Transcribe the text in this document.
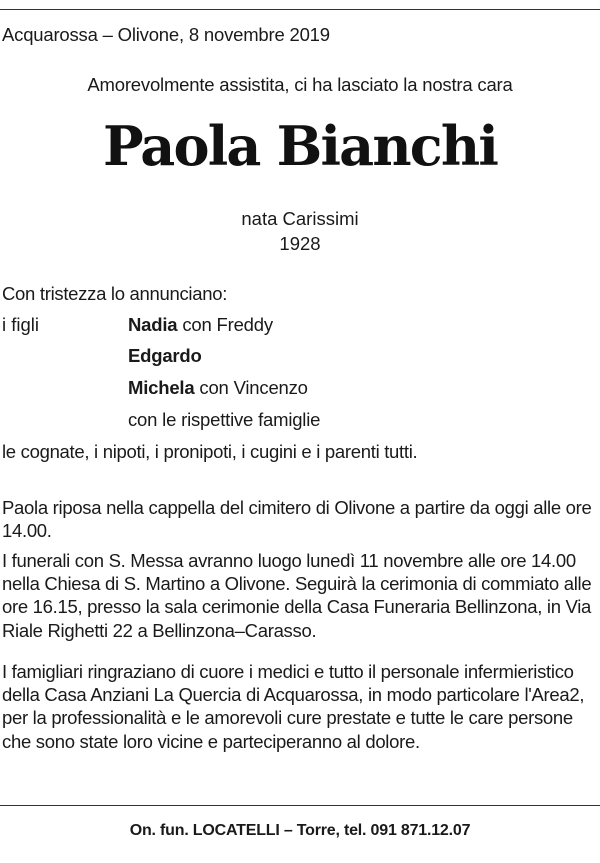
Acquarossa – Olivone, 8 novembre 2019
Amorevolmente assistita, ci ha lasciato la nostra cara
Paola Bianchi
nata Carissimi
1928
Con tristezza lo annunciano:
i figli	Nadia con Freddy
Edgardo
Michela con Vincenzo
con le rispettive famiglie
le cognate, i nipoti, i pronipoti, i cugini e i parenti tutti.

Paola riposa nella cappella del cimitero di Olivone a partire da oggi alle ore 14.00.

I funerali con S. Messa avranno luogo lunedì 11 novembre alle ore 14.00 nella Chiesa di S. Martino a Olivone. Seguirà la cerimonia di commiato alle ore 16.15, presso la sala cerimonie della Casa Funeraria Bellinzona, in Via Riale Righetti 22 a Bellinzona–Carasso.

I famigliari ringraziano di cuore i medici e tutto il personale infermieristico della Casa Anziani La Quercia di Acquarossa, in modo particolare l'Area2, per la professionalità e le amorevoli cure prestate e tutte le care persone che sono state loro vicine e parteciperanno al dolore.

On. fun. LOCATELLI – Torre, tel. 091 871.12.07
